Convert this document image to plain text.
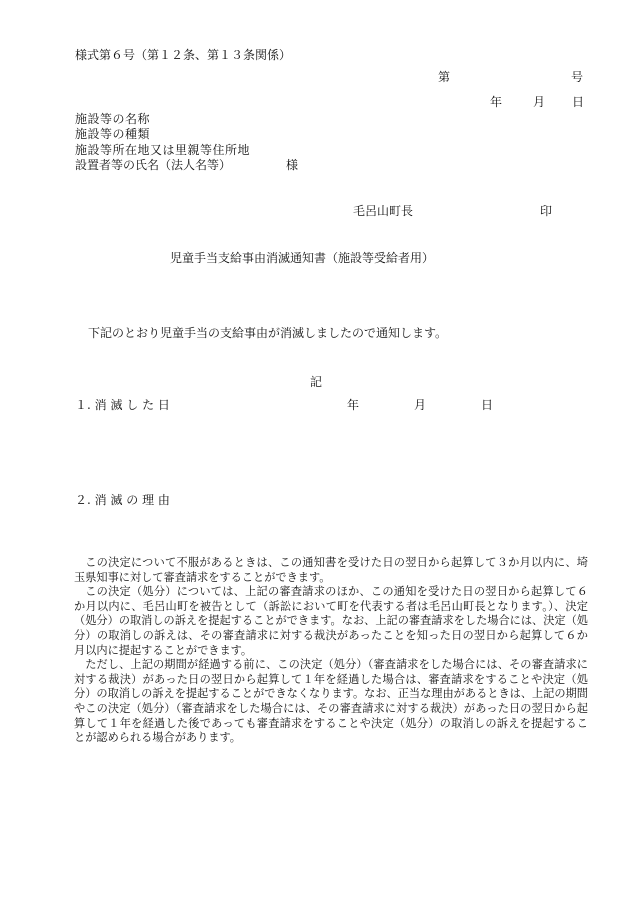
様式第６号（第１２条、第１３条関係）
第	号
年	月 日
施設等の名称
施設等の種類
施設等所在地又は里親等住所地
設置者等の氏名（法人名等）	様
毛呂山町長	印
児童手当支給事由消滅通知書（施設等受給者用）
下記のとおり児童手当の支給事由が消滅しましたので通知します。
記
１. 消 滅 し た 日	年	月	日
２. 消 滅 の 理 由

この決定について不服があるときは、この通知書を受けた日の翌日から起算して３か月以内に、埼玉県知事に対して審査請求をすることができます。

この決定（処分）については、上記の審査請求のほか、この通知を受けた日の翌日から起算して６か月以内に、毛呂山町を被告として（訴訟において町を代表する者は毛呂山町長となります。）、決定（処分）の取消しの訴えを提起することができます。なお、上記の審査請求をした場合には、決定（処分）の取消しの訴えは、その審査請求に対する裁決があったことを知った日の翌日から起算して６か月以内に提起することができます。

ただし、上記の期間が経過する前に、この決定（処分）（審査請求をした場合には、その審査請求に対する裁決）があった日の翌日から起算して１年を経過した場合は、審査請求をすることや決定（処分）の取消しの訴えを提起することができなくなります。なお、正当な理由があるときは、上記の期間やこの決定（処分）（審査請求をした場合には、その審査請求に対する裁決）があった日の翌日から起算して１年を経過した後であっても審査請求をすることや決定（処分）の取消しの訴えを提起することが認められる場合があります。
